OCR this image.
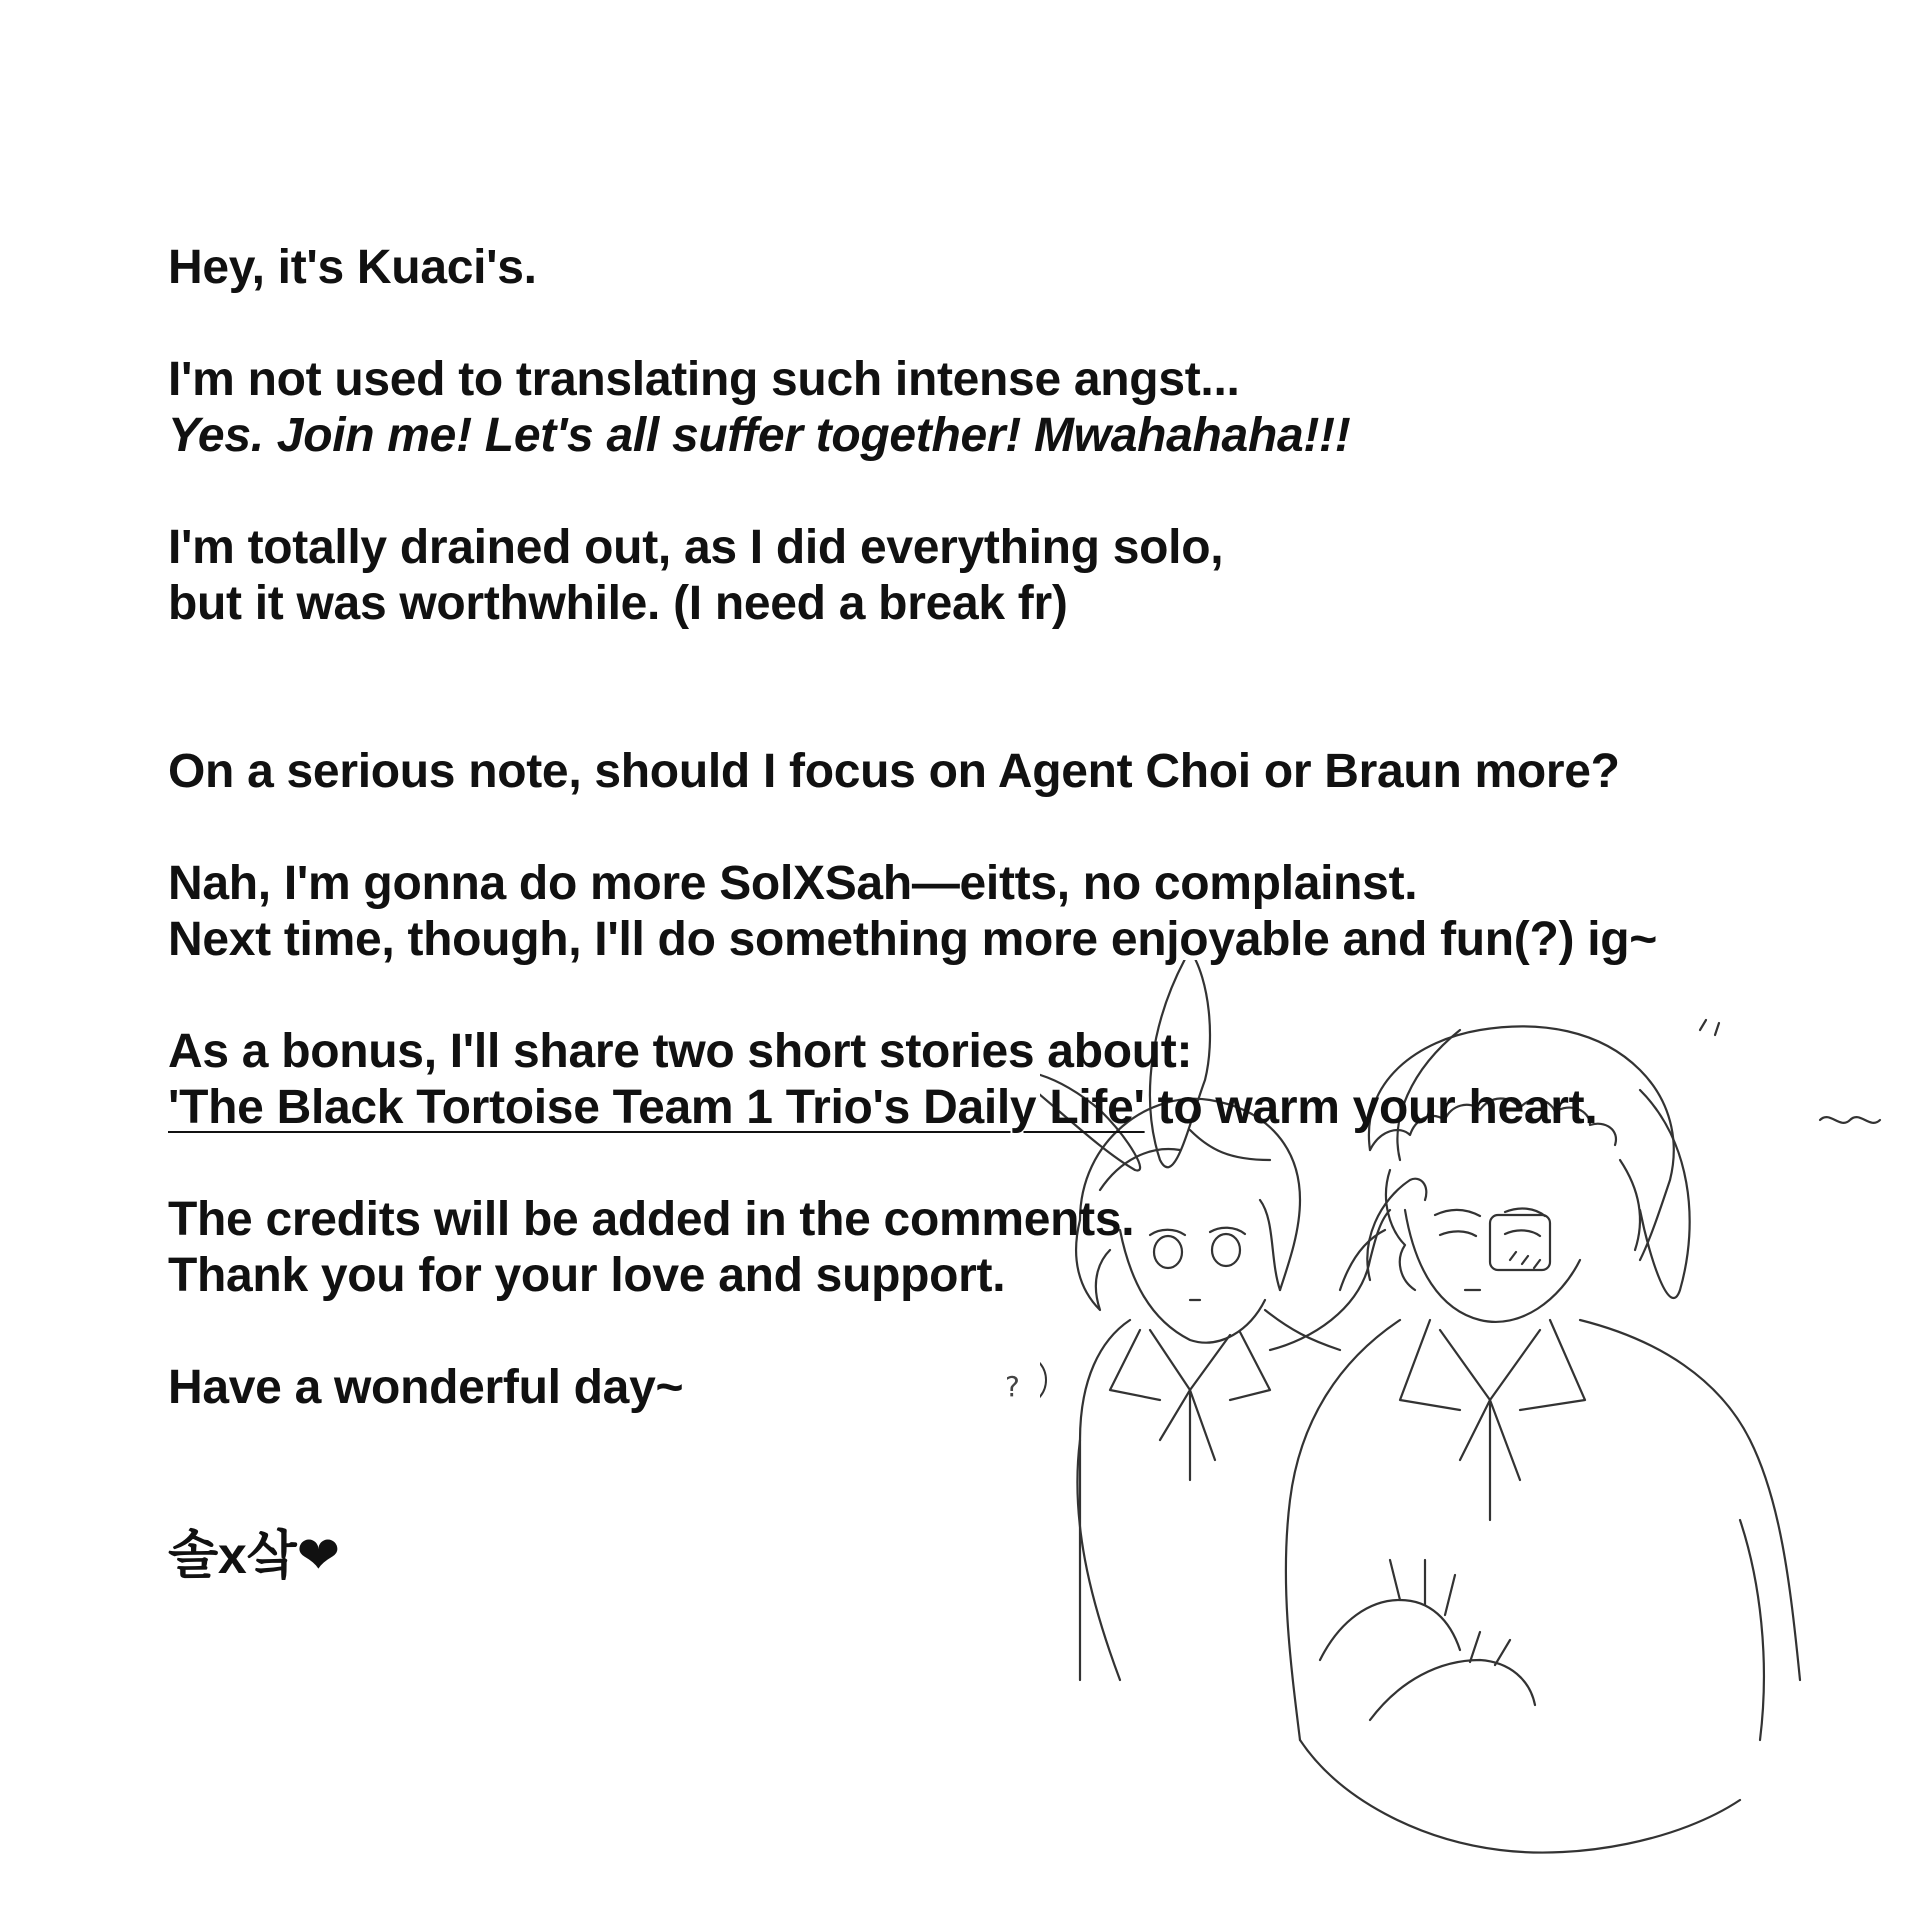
Hey, it's Kuaci's.
I'm not used to translating such intense angst...
Yes. Join me! Let's all suffer together! Mwahahaha!!!
I'm totally drained out, as I did everything solo,
but it was worthwhile. (I need a break fr)
On a serious note, should I focus on Agent Choi or Braun more?
Nah, I'm gonna do more SolXSah—eitts, no complainst.
Next time, though, I'll do something more enjoyable and fun(?) ig~
As a bonus, I'll share two short stories about:
'The Black Tortoise Team 1 Trio's Daily Life' to warm your heart.
The credits will be added in the comments.
Thank you for your love and support.
Have a wonderful day~
솔x샄❤
?
